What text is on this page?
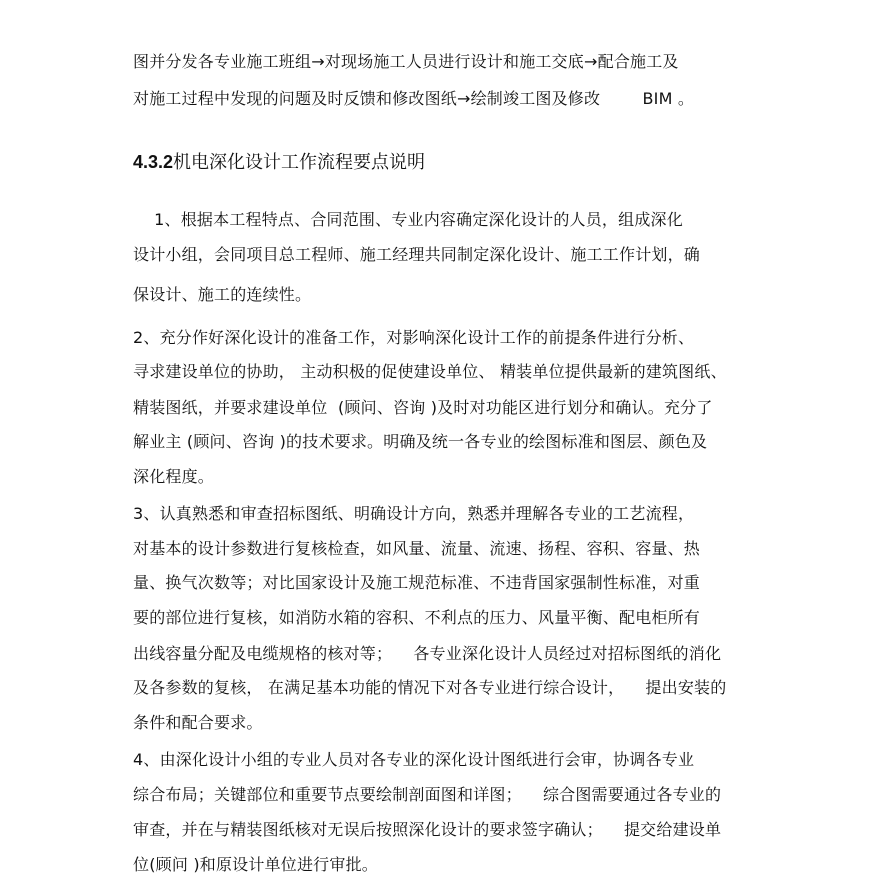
图并分发各专业施工班组→对现场施工人员进行设计和施工交底→配合施工及
对施工过程中发现的问题及时反馈和修改图纸→绘制竣工图及修改        BIM 。
4.3.2机电深化设计工作流程要点说明
1、根据本工程特点、合同范围、专业内容确定深化设计的人员，组成深化
设计小组，会同项目总工程师、施工经理共同制定深化设计、施工工作计划，确
保设计、施工的连续性。
2、充分作好深化设计的准备工作，对影响深化设计工作的前提条件进行分析、
寻求建设单位的协助， 主动积极的促使建设单位、 精装单位提供最新的建筑图纸、
精装图纸，并要求建设单位  (顾问、咨询 )及时对功能区进行划分和确认。充分了
解业主 (顾问、咨询 )的技术要求。明确及统一各专业的绘图标准和图层、颜色及
深化程度。
3、认真熟悉和审查招标图纸、明确设计方向，熟悉并理解各专业的工艺流程，
对基本的设计参数进行复核检查，如风量、流量、流速、扬程、容积、容量、热
量、换气次数等；对比国家设计及施工规范标准、不违背国家强制性标准，对重
要的部位进行复核，如消防水箱的容积、不利点的压力、风量平衡、配电柜所有
出线容量分配及电缆规格的核对等；    各专业深化设计人员经过对招标图纸的消化
及各参数的复核， 在满足基本功能的情况下对各专业进行综合设计，    提出安装的
条件和配合要求。
4、由深化设计小组的专业人员对各专业的深化设计图纸进行会审，协调各专业
综合布局；关键部位和重要节点要绘制剖面图和详图；    综合图需要通过各专业的
审查，并在与精装图纸核对无误后按照深化设计的要求签字确认；    提交给建设单
位(顾问 )和原设计单位进行审批。
